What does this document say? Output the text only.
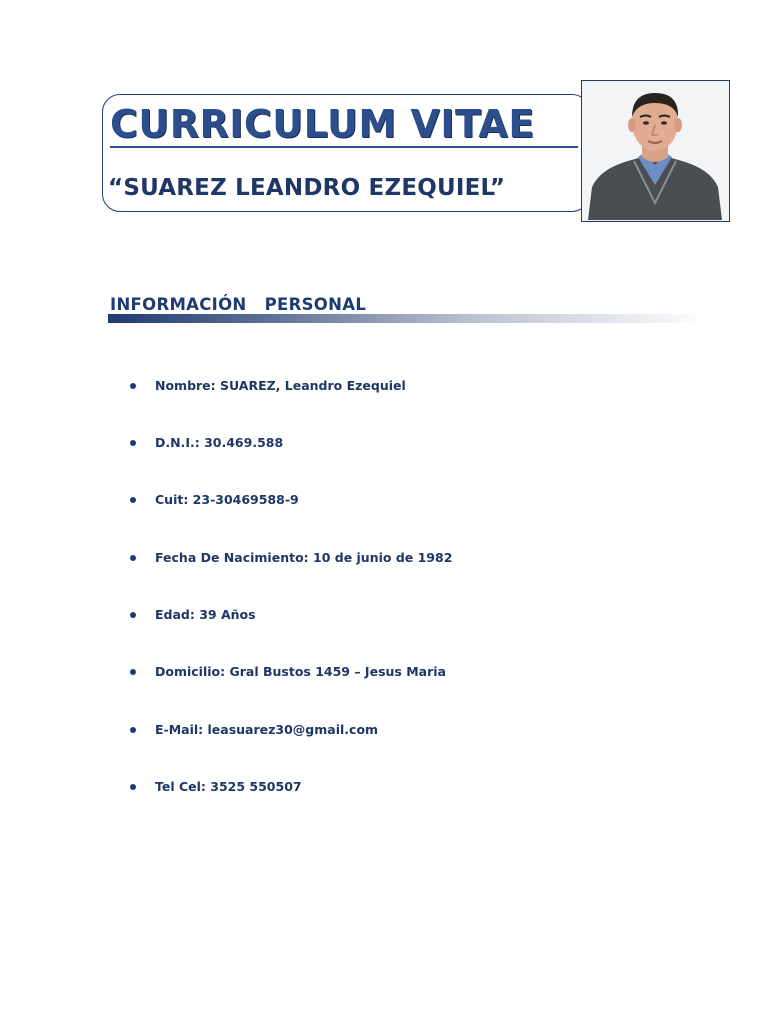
CURRICULUM VITAE
“SUAREZ LEANDRO EZEQUIEL”
INFORMACIÓN   PERSONAL
Nombre: SUAREZ, Leandro Ezequiel
D.N.I.: 30.469.588
Cuit: 23-30469588-9
Fecha De Nacimiento: 10 de junio de 1982
Edad: 39 Años
Domicilio: Gral Bustos 1459 – Jesus Maria
E-Mail: leasuarez30@gmail.com
Tel Cel: 3525 550507
